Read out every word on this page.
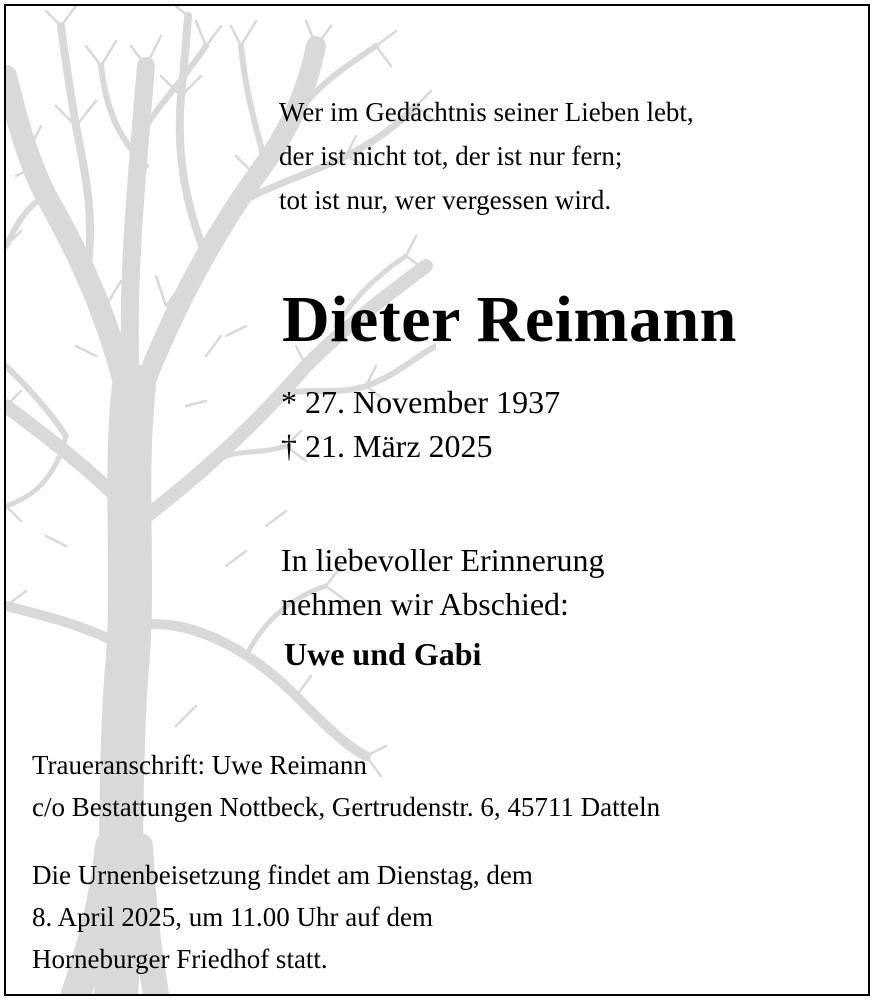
Wer im Gedächtnis seiner Lieben lebt,
der ist nicht tot, der ist nur fern;
tot ist nur, wer vergessen wird.
Dieter Reimann
* 27. November 1937
† 21. März 2025
In liebevoller Erinnerung
nehmen wir Abschied:
Uwe und Gabi
Traueranschrift: Uwe Reimann
c/o Bestattungen Nottbeck, Gertrudenstr. 6, 45711 Datteln
Die Urnenbeisetzung findet am Dienstag, dem
8. April 2025, um 11.00 Uhr auf dem
Horneburger Friedhof statt.
